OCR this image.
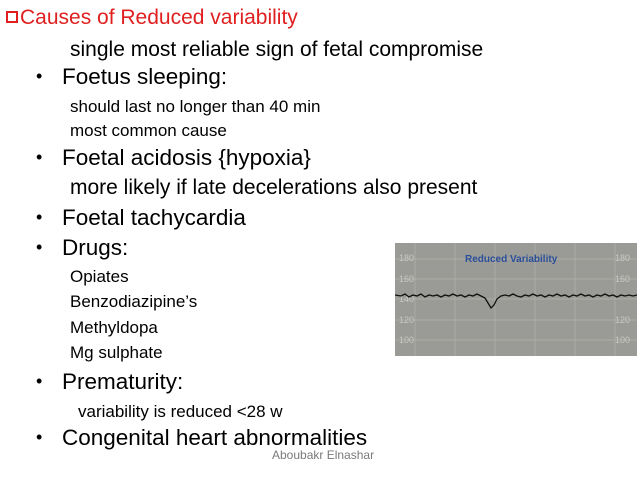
Causes of Reduced variability
single most reliable sign of fetal compromise
• Foetus sleeping:
should last no longer than 40 min
most common cause
• Foetal acidosis {hypoxia}
more likely if late decelerations also present
• Foetal tachycardia
• Drugs:
Opiates
Benzodiazipine’s
Methyldopa
Mg sulphate
• Prematurity:
variability is reduced <28 w
• Congenital heart abnormalities
Aboubakr Elnashar
180
160
140
120
100
180
160
120
100
Reduced Variability
